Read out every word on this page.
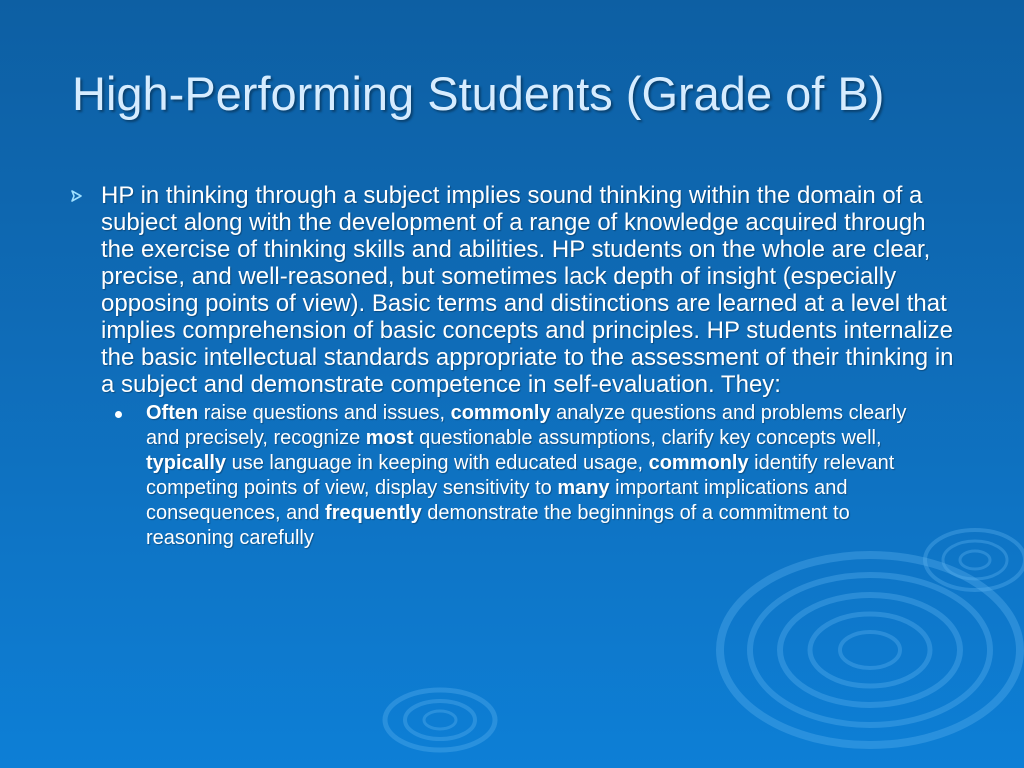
High-Performing Students (Grade of B)
HP in thinking through a subject implies sound thinking within the domain of a subject along with the development of a range of knowledge acquired through the exercise of thinking skills and abilities. HP students on the whole are clear, precise, and well-reasoned, but sometimes lack depth of insight (especially opposing points of view). Basic terms and distinctions are learned at a level that implies comprehension of basic concepts and principles. HP students internalize the basic intellectual standards appropriate to the assessment of their thinking in a subject and demonstrate competence in self-evaluation. They:
Often raise questions and issues, commonly analyze questions and problems clearly and precisely, recognize most questionable assumptions, clarify key concepts well, typically use language in keeping with educated usage, commonly identify relevant competing points of view, display sensitivity to many important implications and consequences, and frequently demonstrate the beginnings of a commitment to reasoning carefully
